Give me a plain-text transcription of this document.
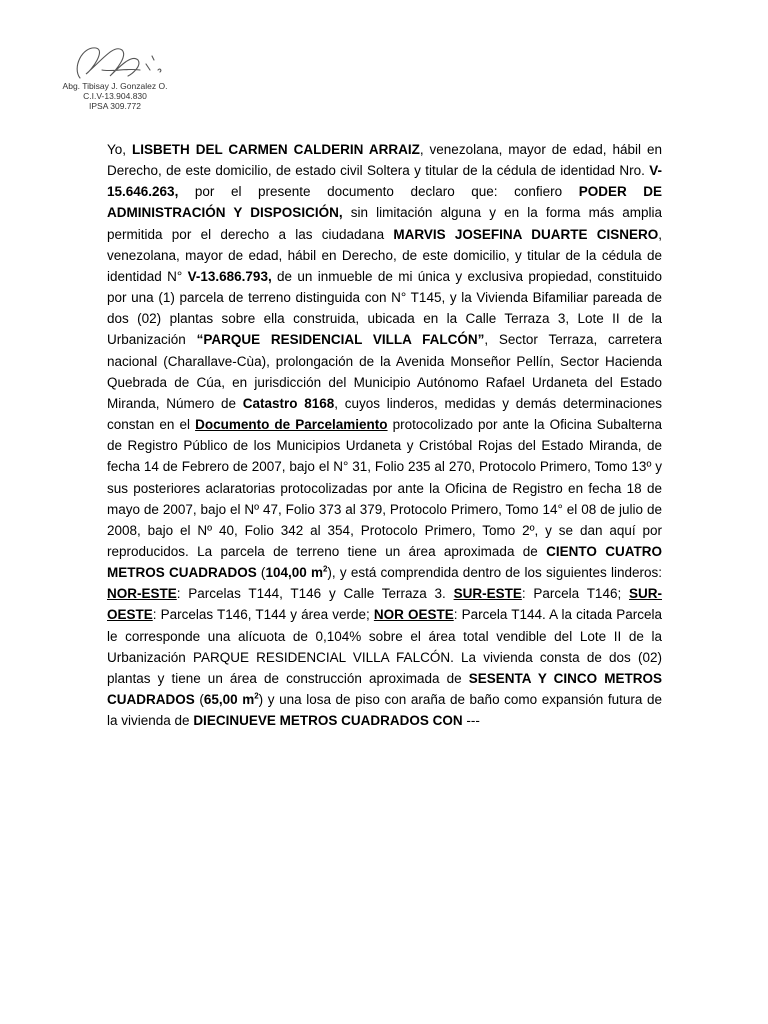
Abg. Tibisay J. Gonzalez O.
C.I.V-13.904.830
IPSA 309.772
Yo, LISBETH DEL CARMEN CALDERIN ARRAIZ, venezolana, mayor de edad, hábil en Derecho, de este domicilio, de estado civil Soltera y titular de la cédula de identidad Nro. V-15.646.263, por el presente documento declaro que: confiero PODER DE ADMINISTRACIÓN Y DISPOSICIÓN, sin limitación alguna y en la forma más amplia permitida por el derecho a las ciudadana MARVIS JOSEFINA DUARTE CISNERO, venezolana, mayor de edad, hábil en Derecho, de este domicilio, y titular de la cédula de identidad N° V-13.686.793, de un inmueble de mi única y exclusiva propiedad, constituido por una (1) parcela de terreno distinguida con N° T145, y la Vivienda Bifamiliar pareada de dos (02) plantas sobre ella construida, ubicada en la Calle Terraza 3, Lote II de la Urbanización “PARQUE RESIDENCIAL VILLA FALCÓN”, Sector Terraza, carretera nacional (Charallave-Cùa), prolongación de la Avenida Monseñor Pellín, Sector Hacienda Quebrada de Cúa, en jurisdicción del Municipio Autónomo Rafael Urdaneta del Estado Miranda, Número de Catastro 8168, cuyos linderos, medidas y demás determinaciones constan en el Documento de Parcelamiento protocolizado por ante la Oficina Subalterna de Registro Público de los Municipios Urdaneta y Cristóbal Rojas del Estado Miranda, de fecha 14 de Febrero de 2007, bajo el N° 31, Folio 235 al 270, Protocolo Primero, Tomo 13º y sus posteriores aclaratorias protocolizadas por ante la Oficina de Registro en fecha 18 de mayo de 2007, bajo el Nº 47, Folio 373 al 379, Protocolo Primero, Tomo 14° el 08 de julio de 2008, bajo el Nº 40, Folio 342 al 354, Protocolo Primero, Tomo 2º, y se dan aquí por reproducidos. La parcela de terreno tiene un área aproximada de CIENTO CUATRO METROS CUADRADOS (104,00 $m^2$), y está comprendida dentro de los siguientes linderos: NOR-ESTE: Parcelas T144, T146 y Calle Terraza 3. SUR-ESTE: Parcela T146; SUR-OESTE: Parcelas T146, T144 y área verde; NOR OESTE: Parcela T144. A la citada Parcela le corresponde una alícuota de 0,104% sobre el área total vendible del Lote II de la Urbanización PARQUE RESIDENCIAL VILLA FALCÓN. La vivienda consta de dos (02) plantas y tiene un área de construcción aproximada de SESENTA Y CINCO METROS CUADRADOS (65,00 $m^2$) y una losa de piso con araña de baño como expansión futura de la vivienda de DIECINUEVE METROS CUADRADOS CON ---
